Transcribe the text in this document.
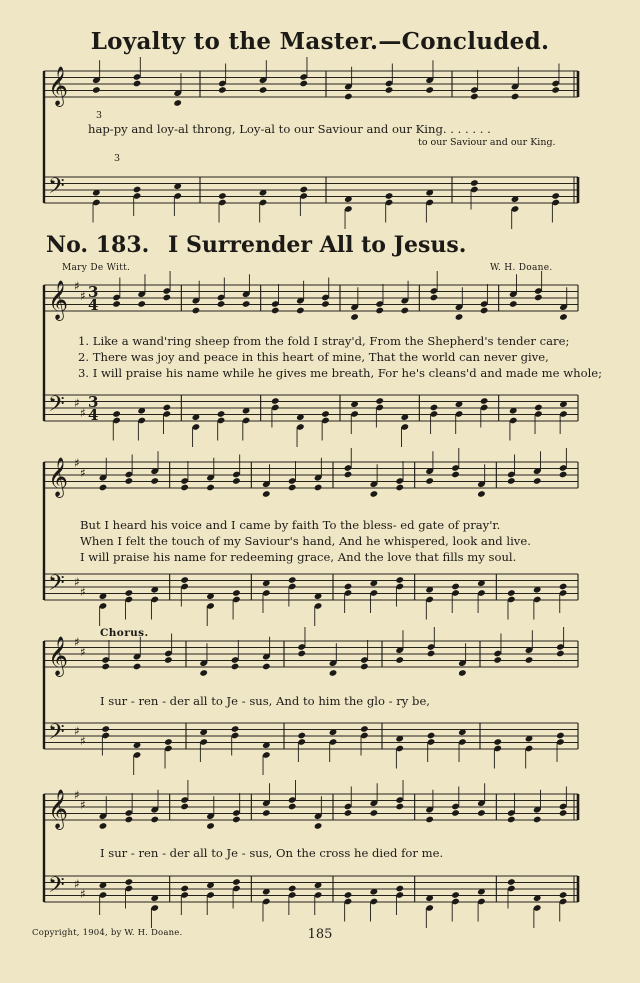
𝄞
𝄢
𝄞
𝄢
♯
♯
♯
♯
3
4
3
4
𝄞
𝄢
♯
♯
♯
♯
𝄞
𝄢
♯
♯
♯
♯
𝄞
𝄢
♯
♯
♯
♯
Loyalty to the Master.—Concluded.
3
hap-py and loy-al throng, Loy-al to our Saviour and our King. . . . . . .
to our Saviour and our King.
3
No. 183. I Surrender All to Jesus.
Mary De Witt.	W. H. Doane.
1. Like a wand'ring sheep from the fold I stray'd, From the Shepherd's tender care;
2. There was joy and peace in this heart of mine, That the world can never give,
3. I will praise his name while he gives me breath, For he's cleans'd and made me whole;
But I heard his voice and I came by faith To the bless- ed gate of pray'r.
When I felt the touch of my Saviour's hand, And he whispered, look and live.
I will praise his name for redeeming grace, And the love that fills my soul.
Chorus.
I sur - ren - der all to Je - sus, And to him the glo - ry be,
I sur - ren - der all to Je - sus, On the cross he died for me.
Copyright, 1904, by W. H. Doane.	185
